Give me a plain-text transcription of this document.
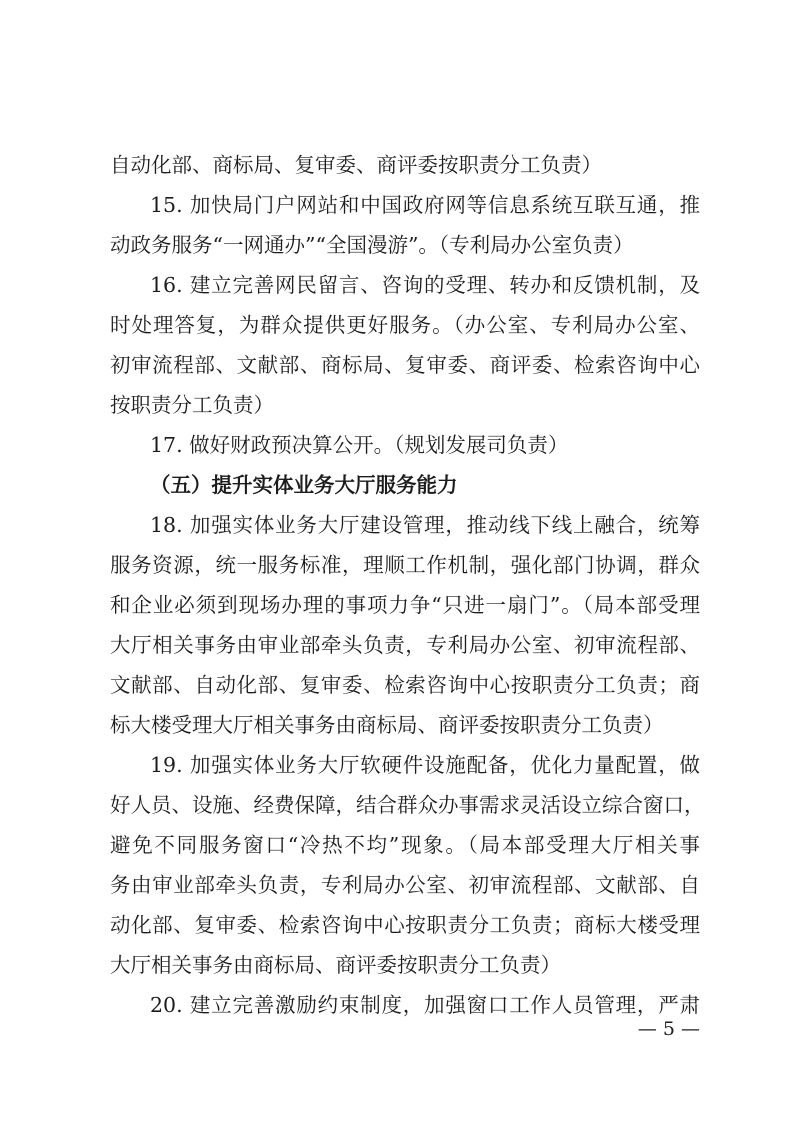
自动化部、商标局、复审委、商评委按职责分工负责）
15. 加快局门户网站和中国政府网等信息系统互联互通，推
动政务服务“一网通办”“全国漫游”。（专利局办公室负责）
16. 建立完善网民留言、咨询的受理、转办和反馈机制，及
时处理答复，为群众提供更好服务。（办公室、专利局办公室、
初审流程部、文献部、商标局、复审委、商评委、检索咨询中心
按职责分工负责）
17. 做好财政预决算公开。（规划发展司负责）
（五）提升实体业务大厅服务能力
18. 加强实体业务大厅建设管理，推动线下线上融合，统筹
服务资源，统一服务标准，理顺工作机制，强化部门协调，群众
和企业必须到现场办理的事项力争“只进一扇门”。（局本部受理
大厅相关事务由审业部牵头负责，专利局办公室、初审流程部、
文献部、自动化部、复审委、检索咨询中心按职责分工负责；商
标大楼受理大厅相关事务由商标局、商评委按职责分工负责）
19. 加强实体业务大厅软硬件设施配备，优化力量配置，做
好人员、设施、经费保障，结合群众办事需求灵活设立综合窗口，
避免不同服务窗口“冷热不均”现象。（局本部受理大厅相关事
务由审业部牵头负责，专利局办公室、初审流程部、文献部、自
动化部、复审委、检索咨询中心按职责分工负责；商标大楼受理
大厅相关事务由商标局、商评委按职责分工负责）
20. 建立完善激励约束制度，加强窗口工作人员管理，严肃
— 5 —
